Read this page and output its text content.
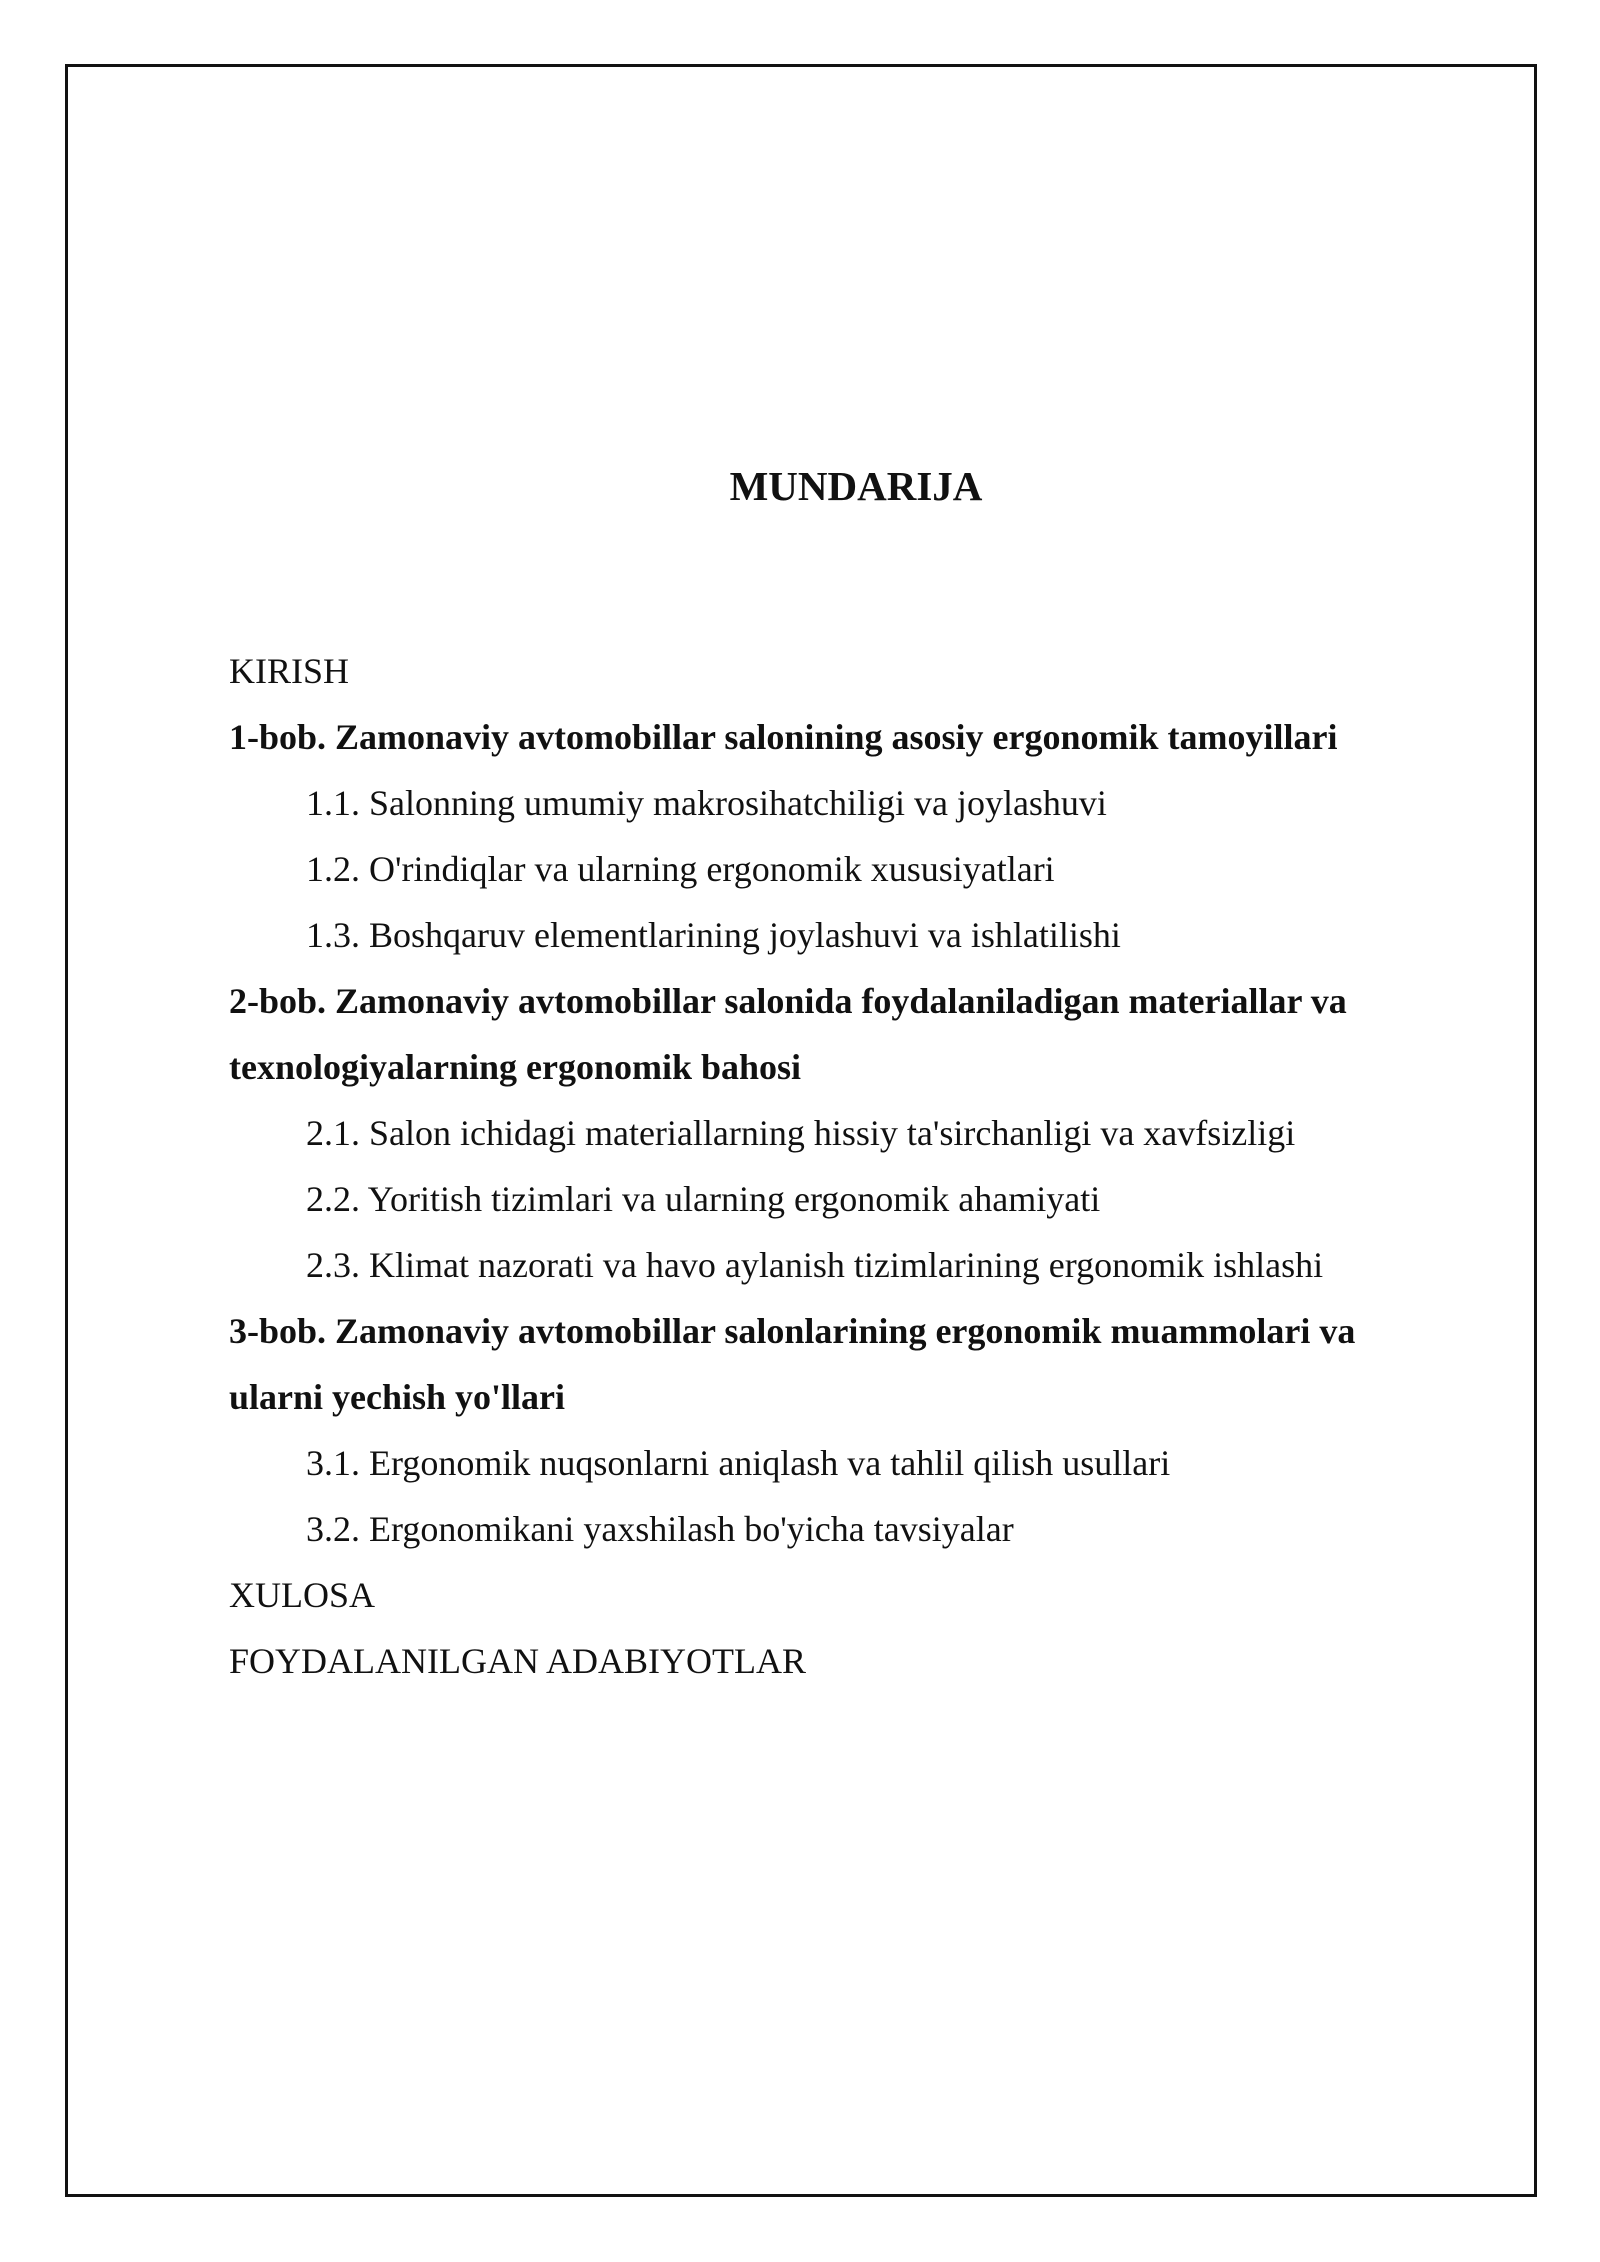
MUNDARIJA
KIRISH
1-bob. Zamonaviy avtomobillar salonining asosiy ergonomik tamoyillari
1.1. Salonning umumiy makrosihatchiligi va joylashuvi
1.2. O'rindiqlar va ularning ergonomik xususiyatlari
1.3. Boshqaruv elementlarining joylashuvi va ishlatilishi
2-bob. Zamonaviy avtomobillar salonida foydalaniladigan materiallar va texnologiyalarning ergonomik bahosi
2.1. Salon ichidagi materiallarning hissiy ta'sirchanligi va xavfsizligi
2.2. Yoritish tizimlari va ularning ergonomik ahamiyati
2.3. Klimat nazorati va havo aylanish tizimlarining ergonomik ishlashi
3-bob. Zamonaviy avtomobillar salonlarining ergonomik muammolari va ularni yechish yo'llari
3.1. Ergonomik nuqsonlarni aniqlash va tahlil qilish usullari
3.2. Ergonomikani yaxshilash bo'yicha tavsiyalar
XULOSA
FOYDALANILGAN ADABIYOTLAR
